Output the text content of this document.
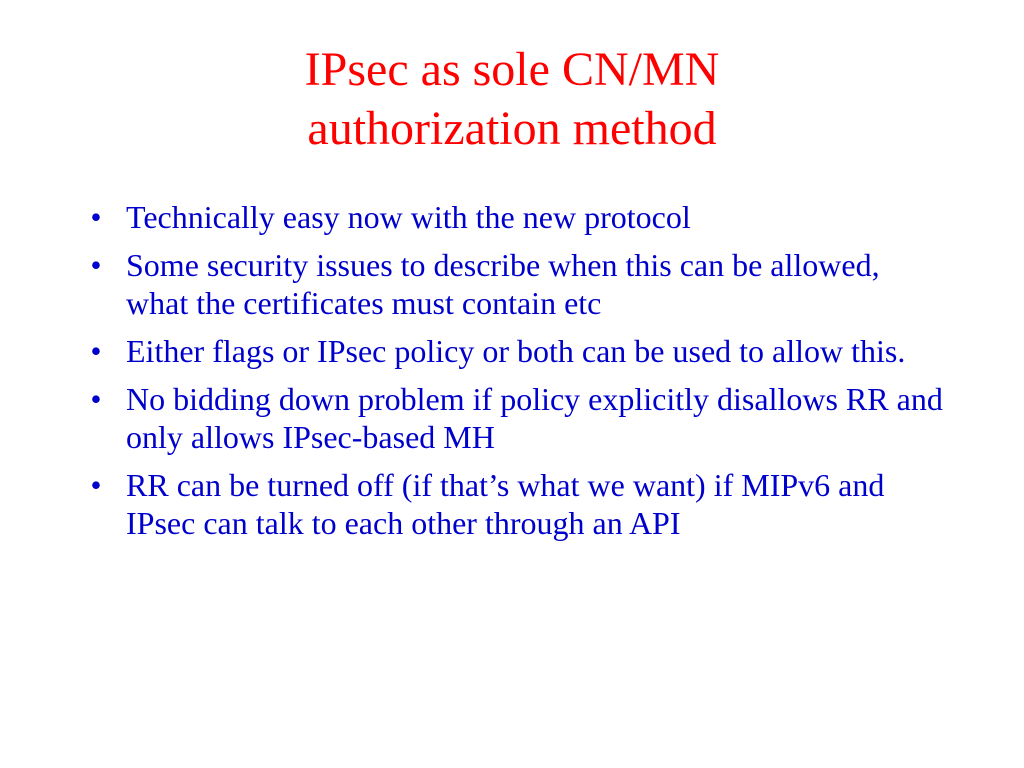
IPsec as sole CN/MN
authorization method
• Technically easy now with the new protocol
• Some security issues to describe when this can be allowed, what the certificates must contain etc
• Either flags or IPsec policy or both can be used to allow this.
• No bidding down problem if policy explicitly disallows RR and only allows IPsec-based MH
• RR can be turned off (if that’s what we want) if MIPv6 and IPsec can talk to each other through an API
